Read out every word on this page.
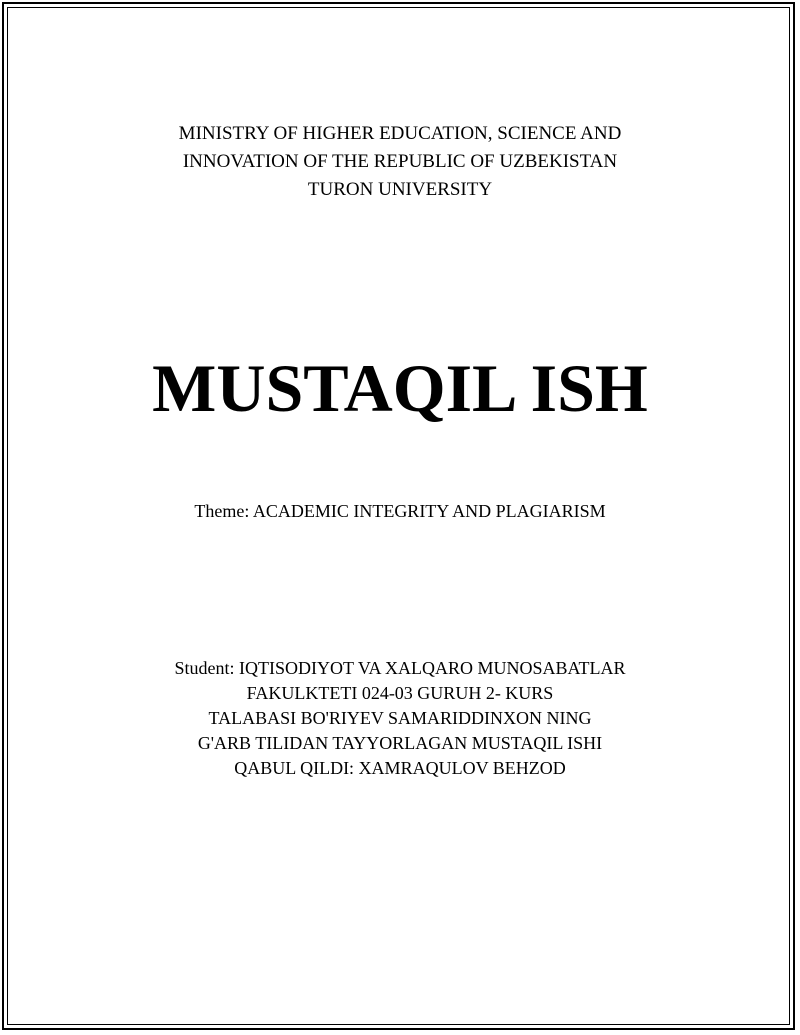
MINISTRY OF HIGHER EDUCATION, SCIENCE AND
INNOVATION OF THE REPUBLIC OF UZBEKISTAN
TURON UNIVERSITY
MUSTAQIL ISH
Theme: ACADEMIC INTEGRITY AND PLAGIARISM
Student: IQTISODIYOT VA XALQARO MUNOSABATLAR
FAKULKTETI 024-03 GURUH 2- KURS
TALABASI BO'RIYEV SAMARIDDINXON NING
G'ARB TILIDAN TAYYORLAGAN MUSTAQIL ISHI
QABUL QILDI: XAMRAQULOV BEHZOD
